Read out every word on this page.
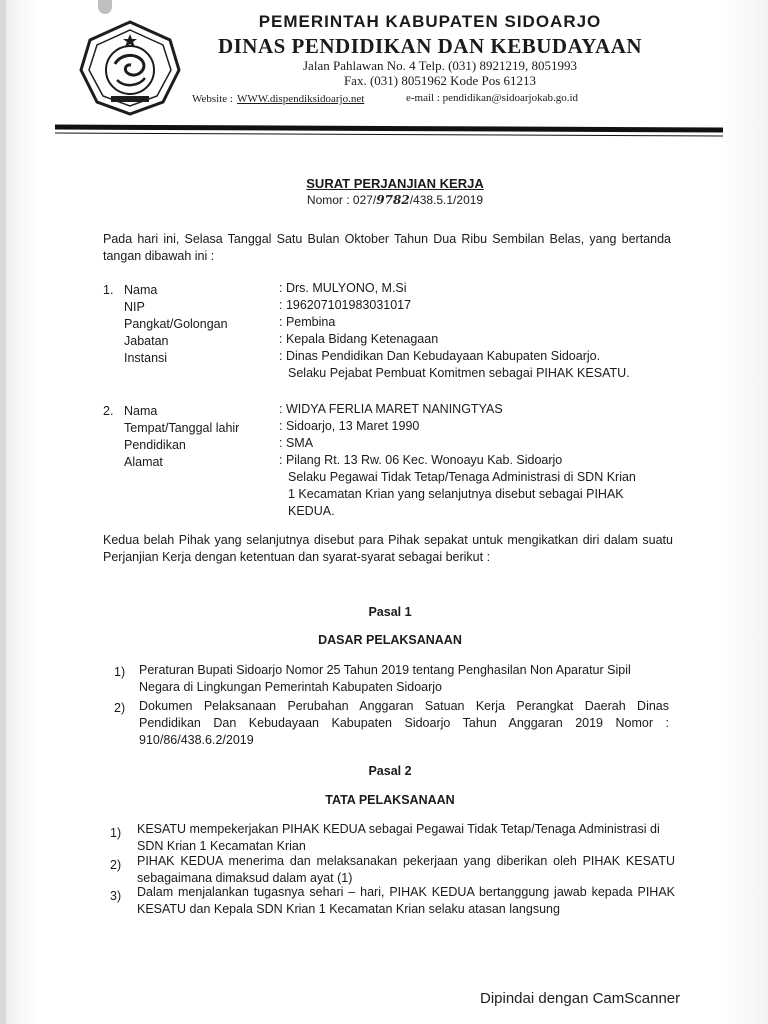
PEMERINTAH KABUPATEN SIDOARJO
DINAS PENDIDIKAN DAN KEBUDAYAAN
Jalan Pahlawan No. 4 Telp. (031) 8921219, 8051993
Fax. (031) 8051962 Kode Pos 61213
Website : WWW.dispendiksidoarjo.net	e-mail : pendidikan@sidoarjokab.go.id
SURAT PERJANJIAN KERJA
Nomor : 027/9782/438.5.1/2019
Pada hari ini, Selasa Tanggal Satu Bulan Oktober Tahun Dua Ribu Sembilan Belas, yang bertanda tangan dibawah ini :
1. Nama
NIP
Pangkat/Golongan
Jabatan
Instansi
: Drs. MULYONO, M.Si
: 196207101983031017
: Pembina
: Kepala Bidang Ketenagaan
: Dinas Pendidikan Dan Kebudayaan Kabupaten Sidoarjo.
Selaku Pejabat Pembuat Komitmen sebagai PIHAK KESATU.
2. Nama
Tempat/Tanggal lahir
Pendidikan
Alamat
: WIDYA FERLIA MARET NANINGTYAS
: Sidoarjo, 13 Maret 1990
: SMA
: Pilang Rt. 13 Rw. 06 Kec. Wonoayu Kab. Sidoarjo
Selaku Pegawai Tidak Tetap/Tenaga Administrasi di SDN Krian
1 Kecamatan Krian yang selanjutnya disebut sebagai PIHAK
KEDUA.
Kedua belah Pihak yang selanjutnya disebut para Pihak sepakat untuk mengikatkan diri dalam suatu Perjanjian Kerja dengan ketentuan dan syarat-syarat sebagai berikut :
Pasal 1
DASAR PELAKSANAAN
1) Peraturan Bupati Sidoarjo Nomor 25 Tahun 2019 tentang Penghasilan Non Aparatur Sipil Negara di Lingkungan Pemerintah Kabupaten Sidoarjo
2) Dokumen Pelaksanaan Perubahan Anggaran Satuan Kerja Perangkat Daerah Dinas Pendidikan Dan Kebudayaan Kabupaten Sidoarjo Tahun Anggaran 2019 Nomor : 910/86/438.6.2/2019
Pasal 2
TATA PELAKSANAAN
1) KESATU mempekerjakan PIHAK KEDUA sebagai Pegawai Tidak Tetap/Tenaga Administrasi di SDN Krian 1 Kecamatan Krian
2) PIHAK KEDUA menerima dan melaksanakan pekerjaan yang diberikan oleh PIHAK KESATU sebagaimana dimaksud dalam ayat (1)
3) Dalam menjalankan tugasnya sehari – hari, PIHAK KEDUA bertanggung jawab kepada PIHAK KESATU dan Kepala SDN Krian 1 Kecamatan Krian selaku atasan langsung
Dipindai dengan CamScanner
